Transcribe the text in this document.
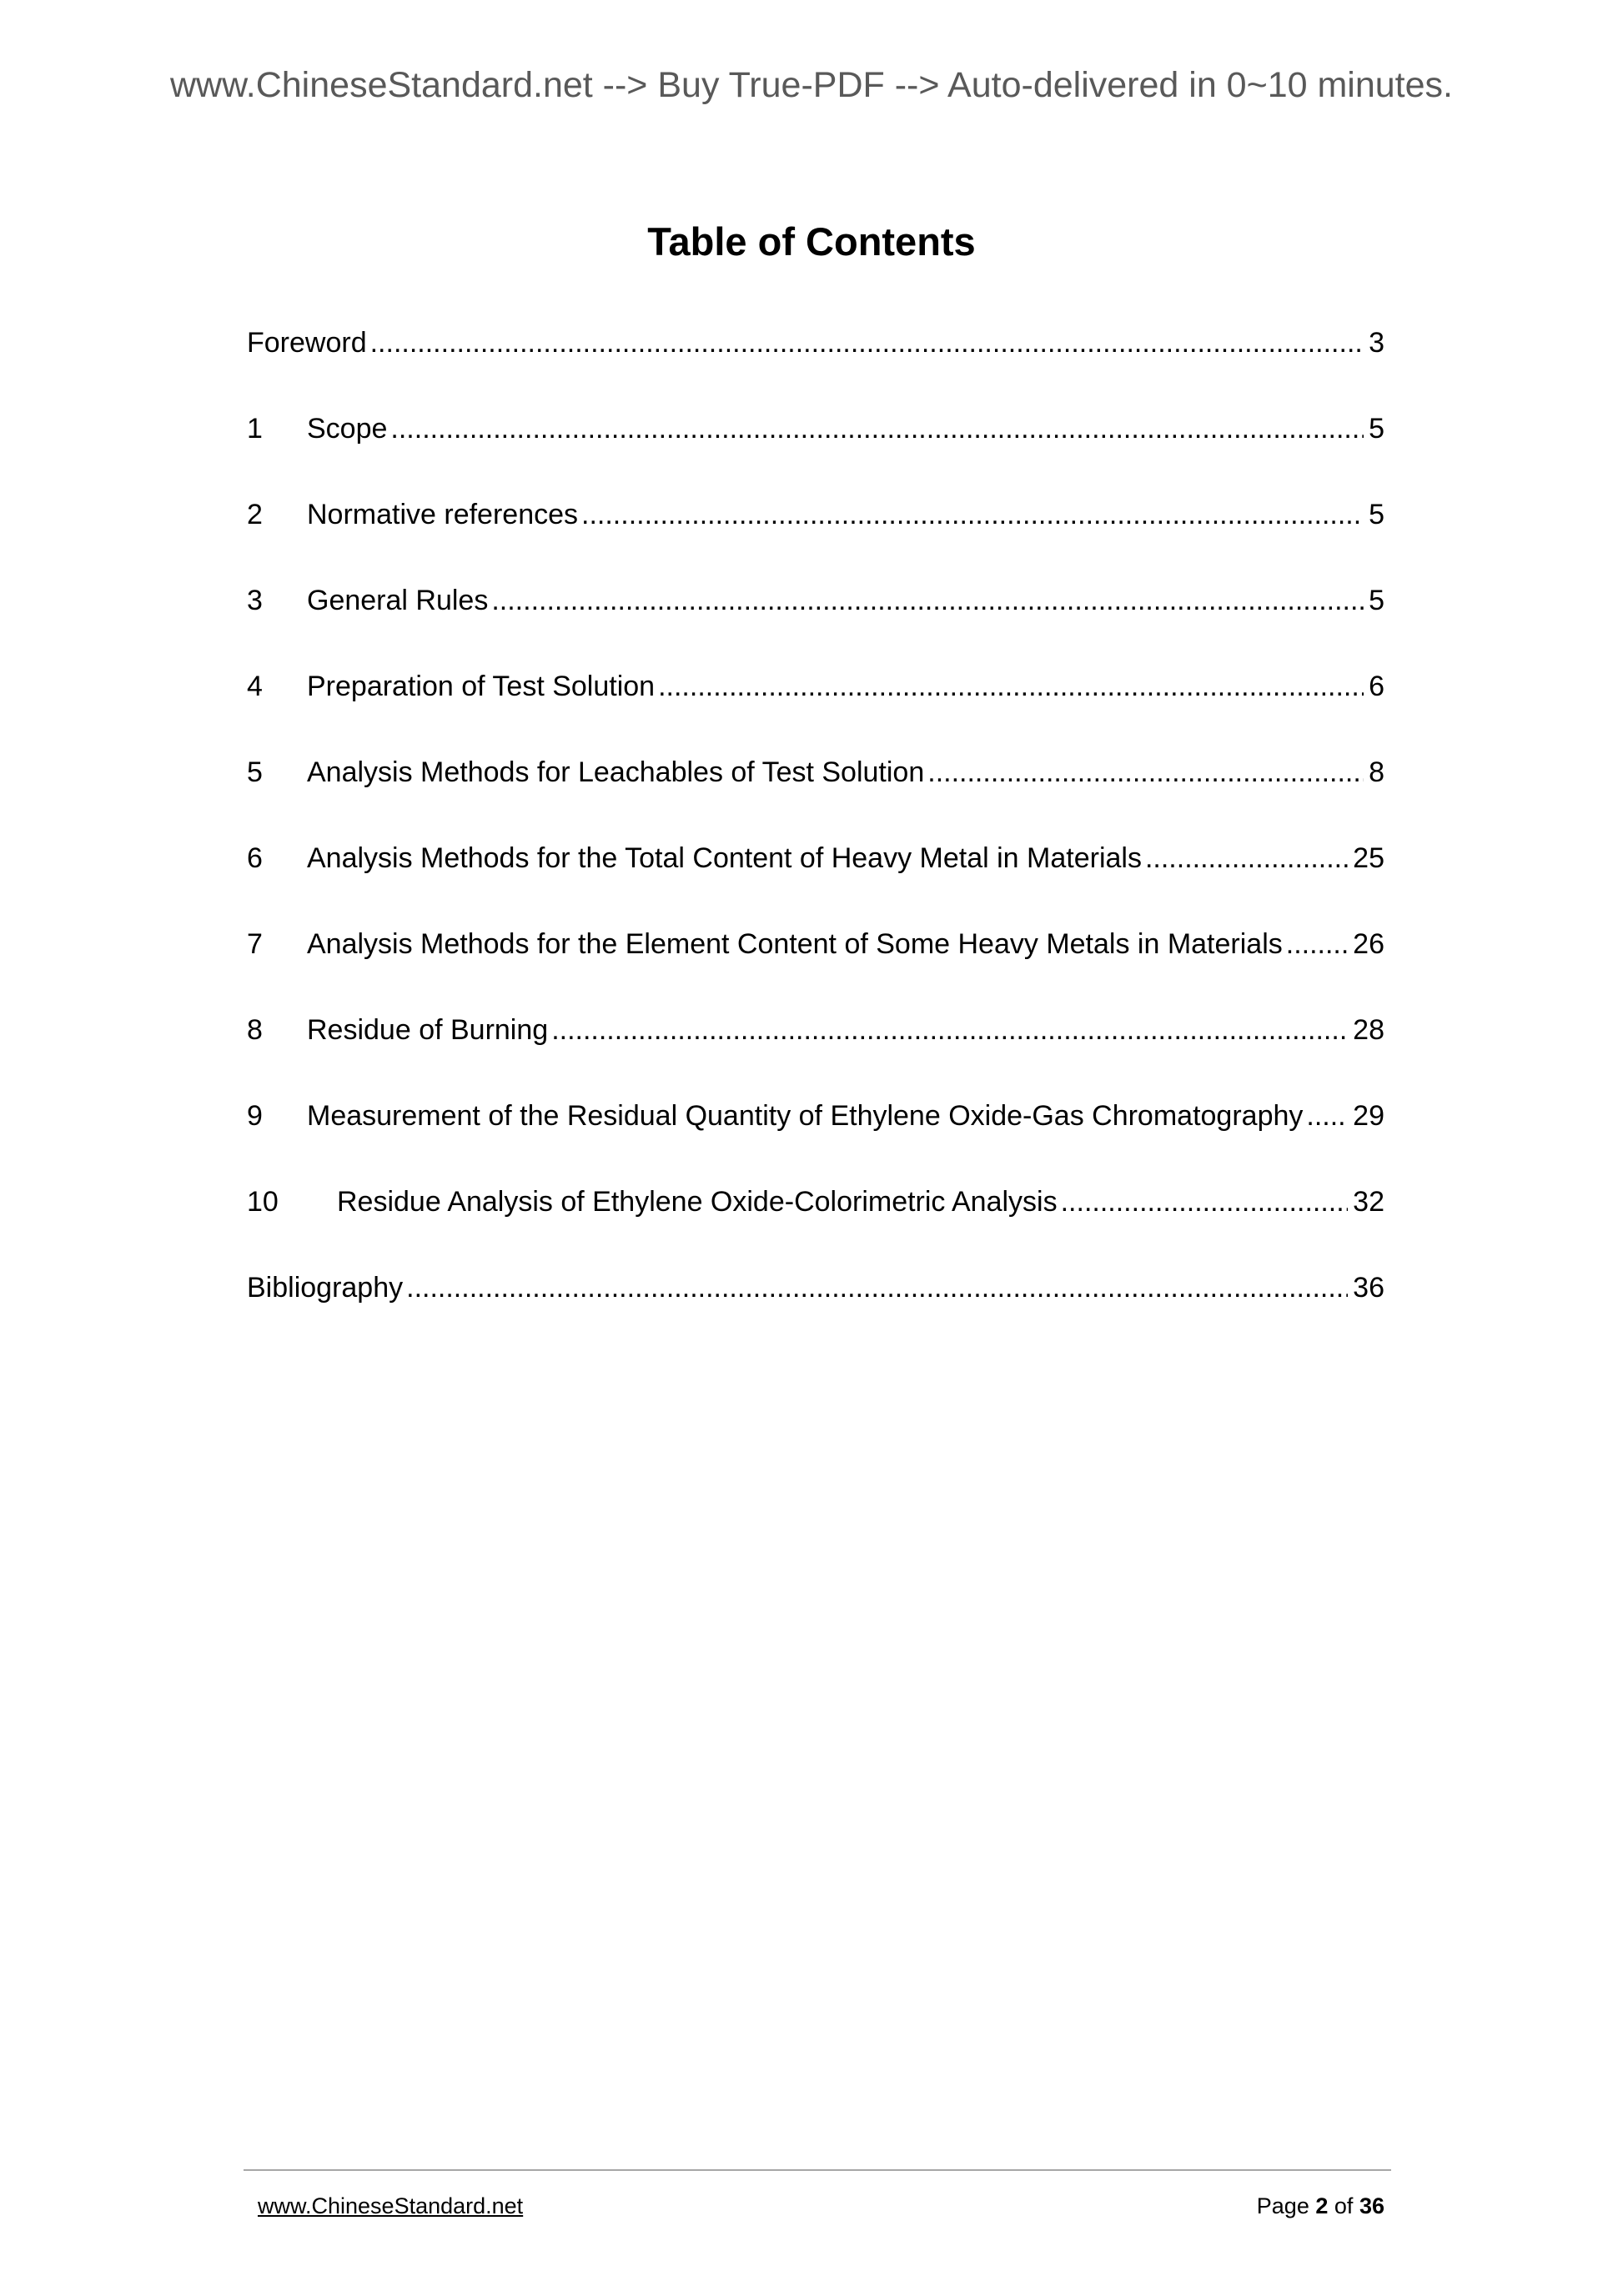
www.ChineseStandard.net --> Buy True-PDF --> Auto-delivered in 0~10 minutes.
Table of Contents
Foreword .....	3
1	Scope .....	5
2	Normative references .....	5
3	General Rules .....	5
4	Preparation of Test Solution .....	6
5	Analysis Methods for Leachables of Test Solution .....	8
6	Analysis Methods for the Total Content of Heavy Metal in Materials .....	25
7	Analysis Methods for the Element Content of Some Heavy Metals in Materials ..... 26
8	Residue of Burning .....	28
9	Measurement of the Residual Quantity of Ethylene Oxide-Gas Chromatography ..... 29
10	Residue Analysis of Ethylene Oxide-Colorimetric Analysis .....	32
Bibliography .....	36
www.ChineseStandard.net	Page 2 of 36
